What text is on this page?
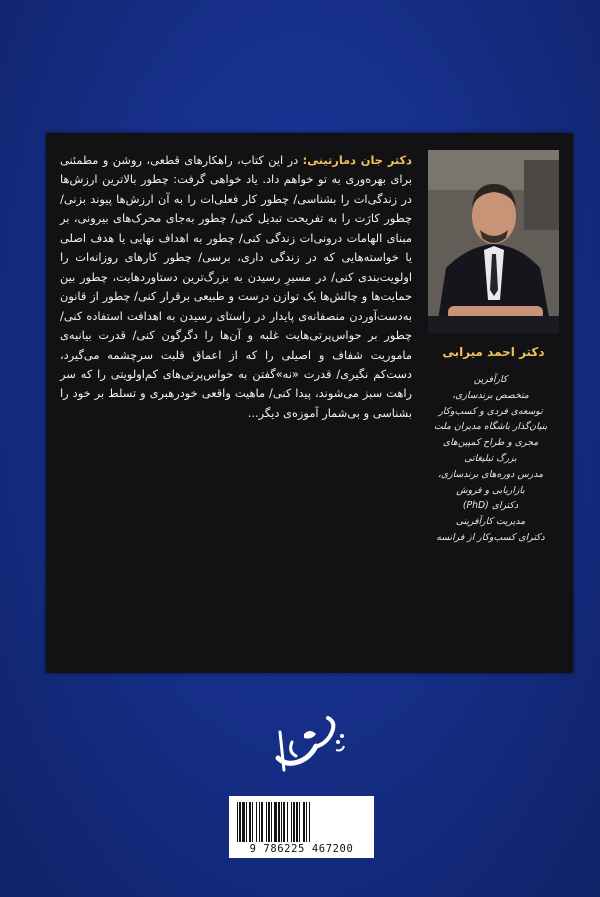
دکتر احمد میرابی
کارآفرین
متخصص برندسازی،
توسعه‌ی فردی و کسب‌وکار
بنیان‌گذار باشگاه مدیران ملت
مجری و طراح کمپین‌های
بزرگ تبلیغاتی
مدرس دوره‌های برندسازی،
بازاریابی و فروش
دکترای (PhD)
مدیریت کارآفرینی
دکترای کسب‌وکار از فرانسه
دکتر جان دمارتینی: در این کتاب، راهکارهای قطعی، روشن و مطمئنی برای بهره‌وری به تو خواهم داد. یاد خواهی گرفت: چطور بالاترین ارزش‌ها در زندگی‌ات را بشناسی/ چطور کار فعلی‌ات را به آن ارزش‌ها پیوند بزنی/ چطور کارَت را به تفریحت تبدیل کنی/ چطور به‌جای محرک‌های بیرونی، بر مبنای الهامات درونی‌ات زندگی کنی/ چطور به اهداف نهایی یا هدف اصلی یا خواسته‌هایی که در زندگی داری، برسی/ چطور کارهای روزانه‌ات را اولویت‌بندی کنی/ در مسیرِ رسیدن به بزرگ‌ترین دستاوردهایت، چطور بین حمایت‌ها و چالش‌ها یک توازن درست و طبیعی برقرار کنی/ چطور از قانون به‌دست‌آوردن منصفانه‌ی پایدار در راستای رسیدن به اهدافت استفاده کنی/ چطور بر حواس‌پرتی‌هایت غلبه و آن‌ها را دگرگون کنی/ قدرت بیانیه‌ی ماموریت شفاف و اصیلی را که از اعماق قلبت سرچشمه می‌گیرد، دست‌کم نگیری/ قدرت «نه»گفتن به حواس‌پرتی‌های کم‌اولویتی را که سر راهت سبز می‌شوند، پیدا کنی/ ماهیت واقعی خودرهبری و تسلط بر خود را بشناسی و بی‌شمار آموزه‌ی دیگر...
9 786225 467200
